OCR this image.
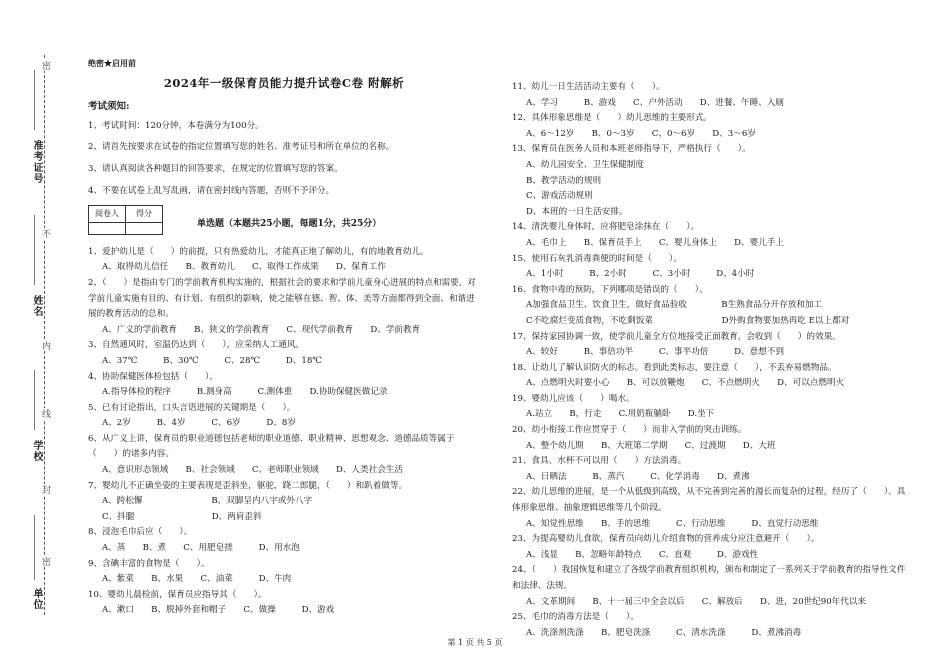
准考证号
姓名
学校
单位
密
不
内
线
封
密
绝密★启用前
2024年一级保育员能力提升试卷C卷 附解析
考试须知:
1、考试时间：120分钟，本卷满分为100分。
2、请首先按要求在试卷的指定位置填写您的姓名、准考证号和所在单位的名称。
3、请认真阅读各种题目的回答要求，在规定的位置填写您的答案。
4、不要在试卷上乱写乱画，请在密封线内答题，否则不予评分。
阅卷人	得分

单选题（本题共25小题，每题1分，共25分）
1、爱护幼儿是（　　）的前提，只有热爱幼儿，才能真正地了解幼儿，有的地教育幼儿。
A、取得幼儿信任　　B、教育幼儿　　C、取得工作成果　　D、保育工作
2、（　　）是指由专门的学前教育机构实施的，根据社会的要求和学前儿童身心进展的特点和需要，对学前儿童实施有目的、有计划、有组织的影响，使之能够在德、智、体、美等方面都得到全面、和谐进展的教育活动的总和。
A、广义的学前教育　　B、狭义的学前教育　　C、现代学前教育　　D、学前教育
3、自然通风时，室温仍达到（　　），应采纳人工通风。
A、37℃　　　B、30℃　　　C、28℃　　　D、18℃
4、协助保健医体检包括（　　）。
A.指导体检的程序　　　B.测身高　　　C.测体重　　D.协助保健医做记录
5、已有讨论指出，口头言语进展的关键期是（　　）。
A、2岁　　　B、4岁　　　C、6岁　　　D、8岁
6、从广义上讲，保育员的职业道德包括老师的职业道德、职业精神、思想观念、道德品质等属于（　　）的诸多内容。
A、意识形态领域　　B、社会领域　　C、老师职业领域　　D、人类社会生活
7、婴幼儿不正确坐姿的主要表现是歪斜坐，躯驼，跷二郎腿，（　　）和趴着做等。
A、跨松懈　　　　　　　　B、双脚呈内八字或外八字
C、抖腿　　　　　　　　　D、两肩歪斜
8、浸泡毛巾后应（　　）。
A、蒸　　B、煮　　C、用肥皂搓　　　D、用水泡
9、含碘丰富的食物是（　　）。
A、紫菜　　B、水果　　C、油菜　　　D、牛肉
10、婴幼儿晨检前，保育员应指导其（　　）。
A、漱口　　B、脱掉外套和帽子　　C、做操　　　D、游戏
11、幼儿一日生活活动主要有（　　）。
A、学习　　　B、游戏　　C、户外活动　　D、进餐、午睡、入厕
12、具体形象思维是（　　）幼儿思维的主要形式。
A、6～12岁　　B、0～3岁　　C、0～6岁　　D、3～6岁
13、保育员在医务人员和本班老师指导下，严格执行（　　）。
A、幼儿园安全、卫生保健制度
B、教学活动的规则
C、游戏活动规则
D、本班的一日生活安排。
14、清洗婴儿身体时，应将肥皂涂抹在（　　）。
A、毛巾上　　B、保育员手上　　C、婴儿身体上　　D、婴儿手上
15、使用石灰乳消毒粪便的时间是（　　）。
A、1小时　　　B、2小时　　　C、3小时　　　D、4小时
16、食物中毒的预防，下列哪项是错误的（　　）。
A加强食品卫生、饮食卫生，做好食品验收　　　　B生熟食品分开存放和加工
C不吃腐烂变质食物，不吃剩饭菜　　　　　　　　D外购食物要加热再吃 E以上都对
17、保持家园协调一致，使学前儿童全方位地接受正面教育，会收到（　　）的效果。
A、较好　　　B、事倍功半　　　C、事半功倍　　　D、意想不到
18、让幼儿了解认识防火的标志。看到此类标志，要注意（　　），不丢弃易燃物品。
A、点燃明火时要小心　　B、可以放鞭炮　　C、不点燃明火　　D、可以点燃明火
19、婴幼儿应该（　　）喝水。
A.站立　　B，行走　　C.用奶瓶躺卧　　D.坐下
20、幼小衔接工作应贯穿于（　　）而非入学前的突击训练。
A、整个幼儿期　　B、大班第二学期　　C、过渡期　　D、大班
21、食具、水杯不可以用（　　）方法消毒。
A、日晒法　　　B、蒸汽　　　C、化学消毒　　D、煮沸
22、幼儿思维的进展，是一个从低级到高级，从不完善到完善的漫长而复杂的过程，经历了（　　）、具体形象思维、抽象逻辑思维等几个阶段。
A、知觉性思维　　B、手的思维　　　C、行动思维　　　D、直觉行动思维
23、为提高婴幼儿食欲，保育员向幼儿介绍食物的营养成分应注意避开（　　）。
A、浅显　　B、忽略年龄特点　　C、直观　　　D、游戏性
24、（　　）我国恢复和建立了各级学前教育组织机构，颁布和制定了一系列关于学前教育的指导性文件和法律、法规。
A、文革期间　　B、十一届三中全会以后　　C、解放后　　D、进，20世纪90年代以来
25、毛巾的消毒方法是（　　）。
A、洗涤剂洗涤　　B、肥皂洗涤　　　C、清水洗涤　　　D、煮沸消毒
第 1 页 共 5 页
